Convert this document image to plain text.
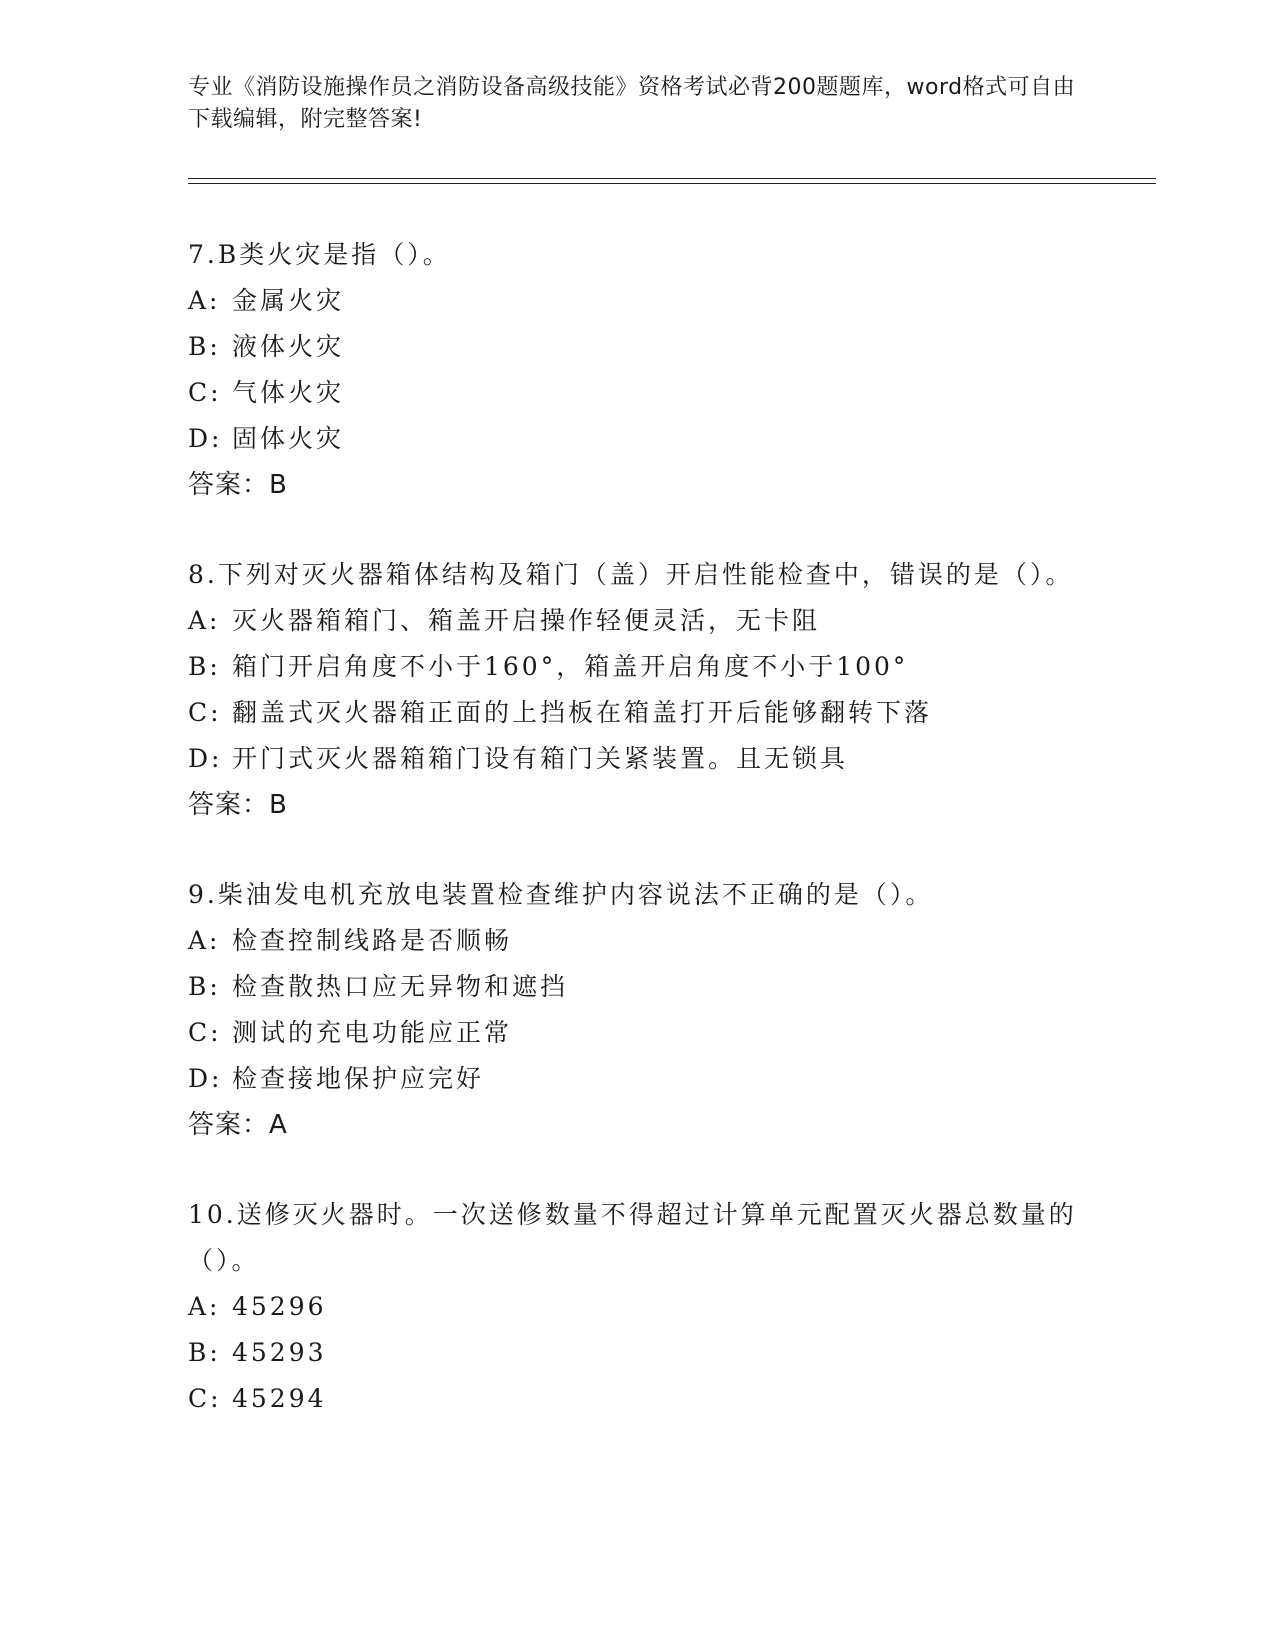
专业《消防设施操作员之消防设备高级技能》资格考试必背200题题库，word格式可自由下载编辑，附完整答案!
7.B类火灾是指（）。
A: 金属火灾
B: 液体火灾
C: 气体火灾
D: 固体火灾
答案：B
8.下列对灭火器箱体结构及箱门（盖）开启性能检查中，错误的是（）。
A: 灭火器箱箱门、箱盖开启操作轻便灵活，无卡阻
B: 箱门开启角度不小于160°，箱盖开启角度不小于100°
C: 翻盖式灭火器箱正面的上挡板在箱盖打开后能够翻转下落
D: 开门式灭火器箱箱门设有箱门关紧装置。且无锁具
答案：B
9.柴油发电机充放电装置检查维护内容说法不正确的是（）。
A: 检查控制线路是否顺畅
B: 检查散热口应无异物和遮挡
C: 测试的充电功能应正常
D: 检查接地保护应完好
答案：A
10.送修灭火器时。一次送修数量不得超过计算单元配置灭火器总数量的（）。
A: 45296
B: 45293
C: 45294
